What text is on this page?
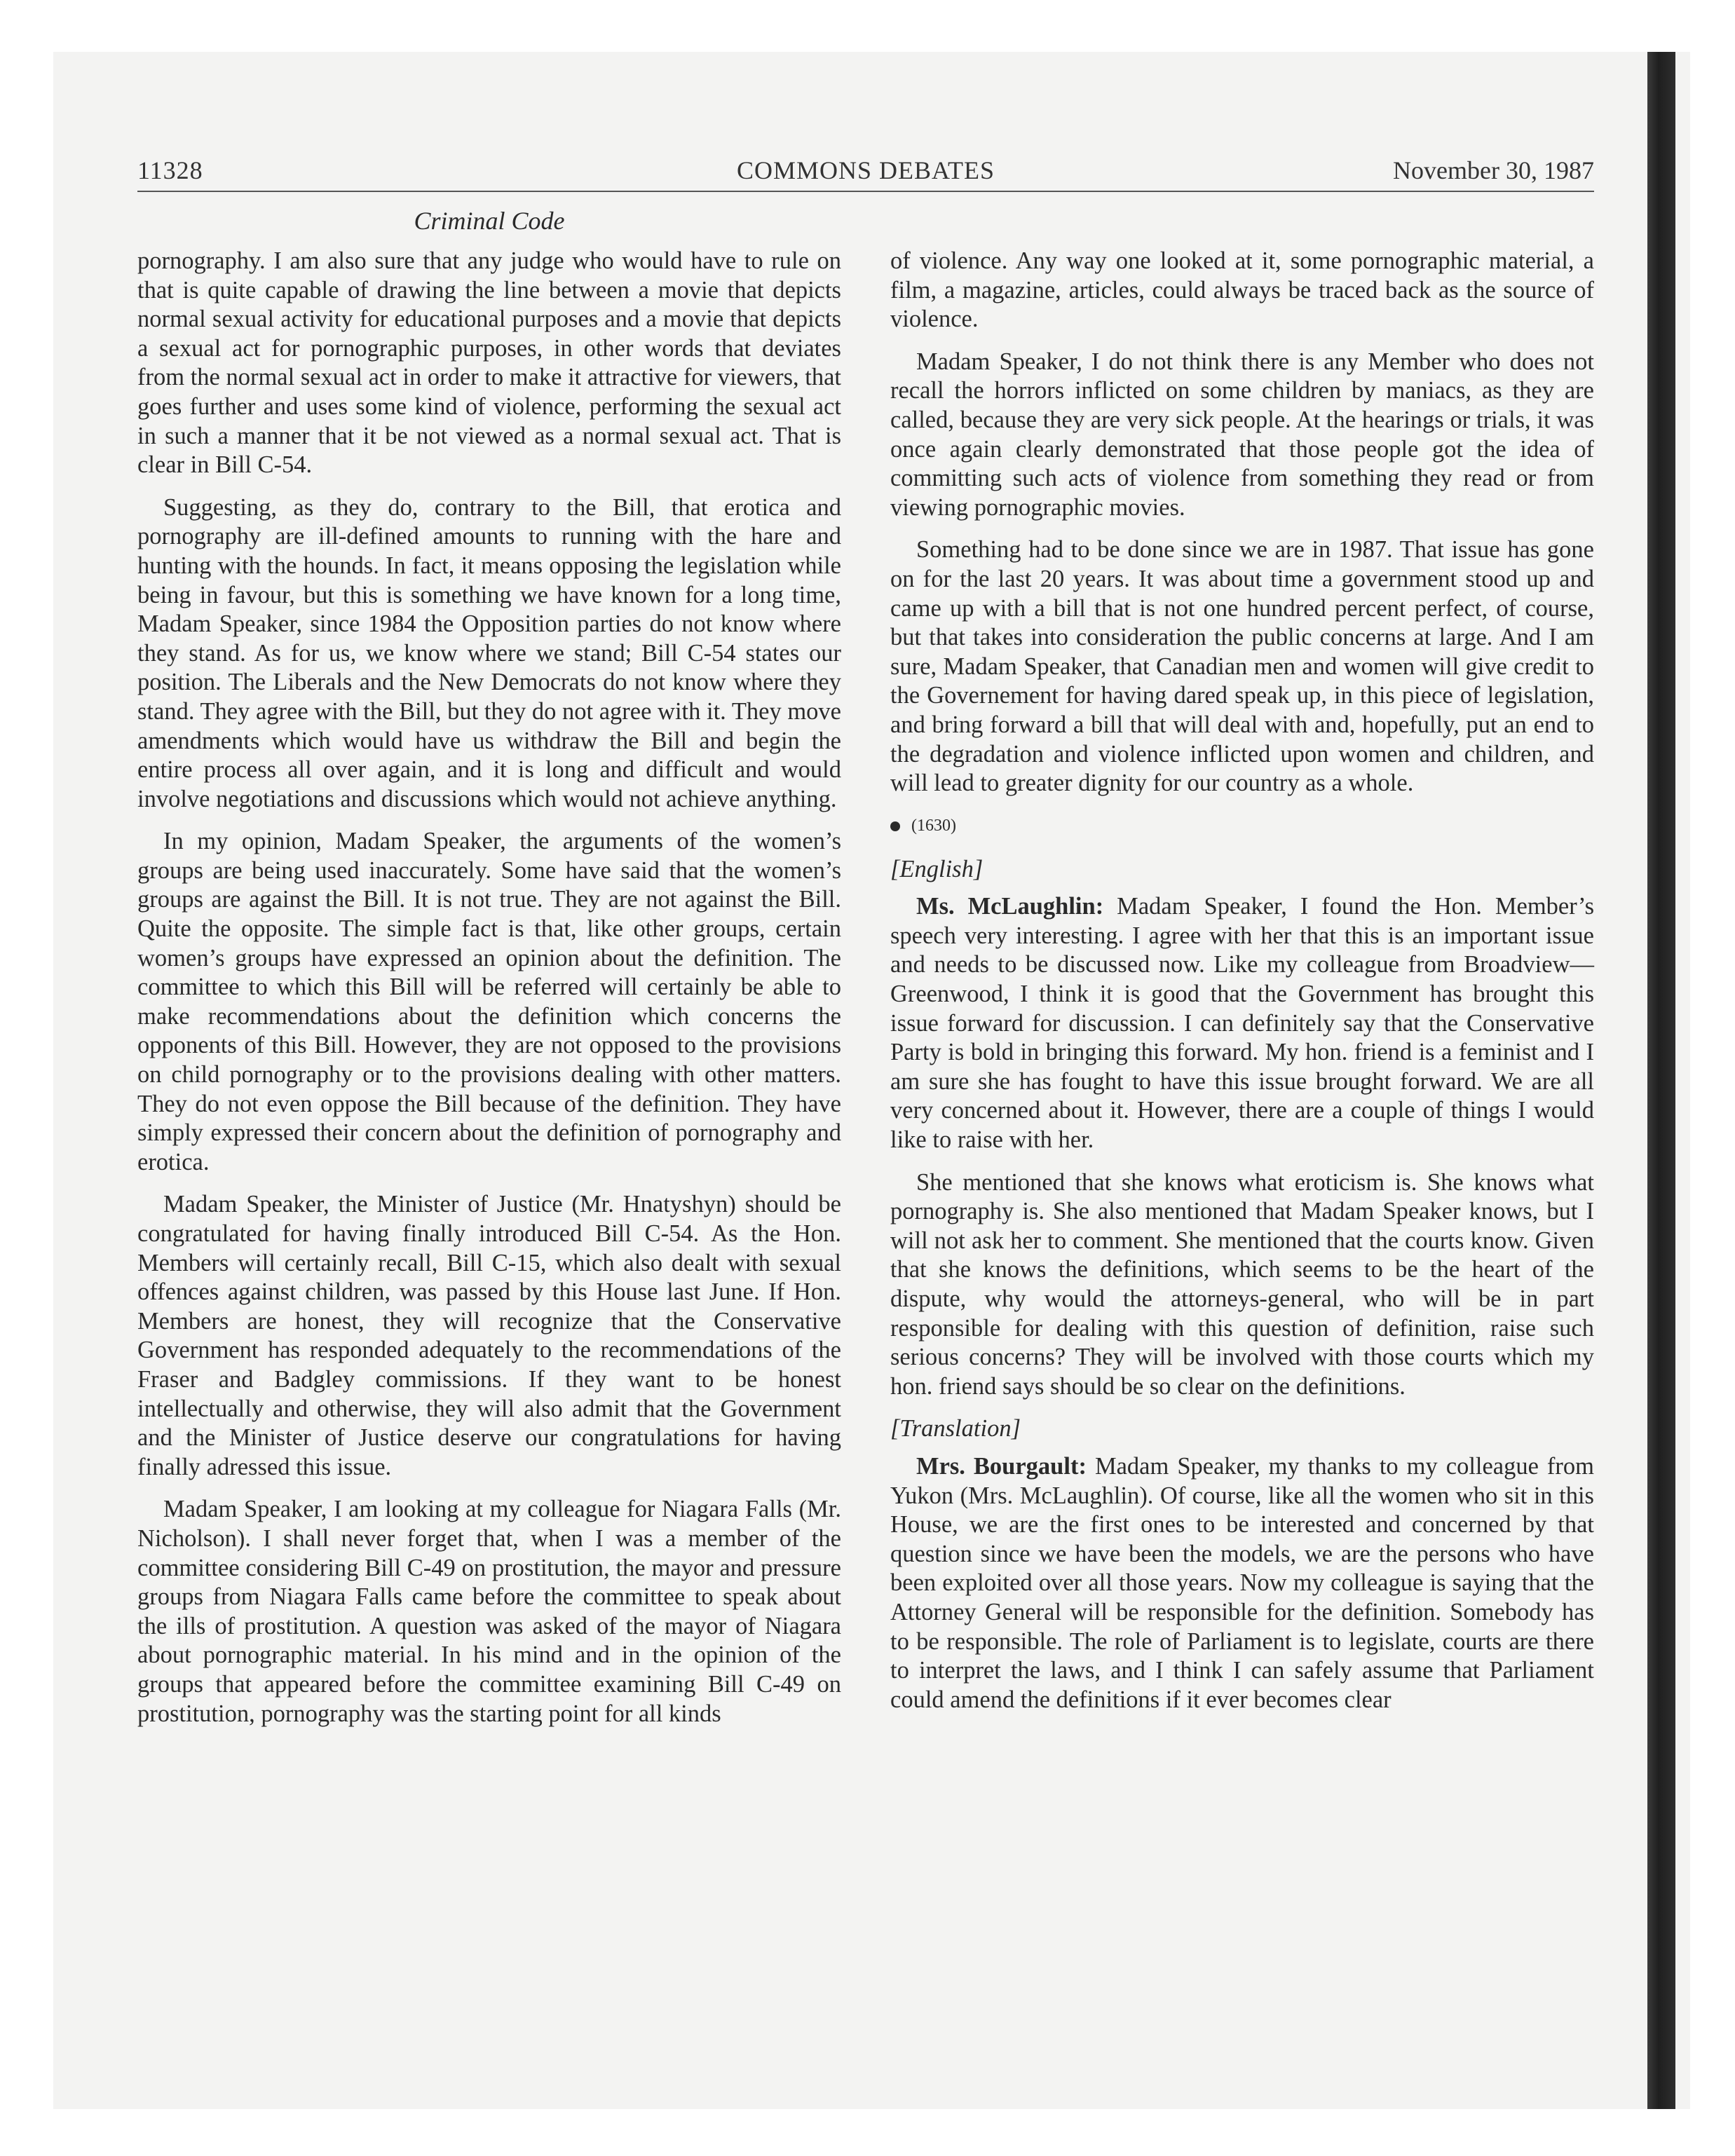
11328	COMMONS DEBATES	November 30, 1987
Criminal Code

pornography. I am also sure that any judge who would have to rule on that is quite capable of drawing the line between a movie that depicts normal sexual activity for educational purposes and a movie that depicts a sexual act for pornographic purposes, in other words that deviates from the normal sexual act in order to make it attractive for viewers, that goes further and uses some kind of violence, performing the sexual act in such a manner that it be not viewed as a normal sexual act. That is clear in Bill C-54.

Suggesting, as they do, contrary to the Bill, that erotica and pornography are ill-defined amounts to running with the hare and hunting with the hounds. In fact, it means opposing the legislation while being in favour, but this is something we have known for a long time, Madam Speaker, since 1984 the Opposition parties do not know where they stand. As for us, we know where we stand; Bill C-54 states our position. The Liberals and the New Democrats do not know where they stand. They agree with the Bill, but they do not agree with it. They move amendments which would have us withdraw the Bill and begin the entire process all over again, and it is long and difficult and would involve negotiations and discussions which would not achieve anything.

In my opinion, Madam Speaker, the arguments of the women’s groups are being used inaccurately. Some have said that the women’s groups are against the Bill. It is not true. They are not against the Bill. Quite the opposite. The simple fact is that, like other groups, certain women’s groups have expressed an opinion about the definition. The committee to which this Bill will be referred will certainly be able to make recommendations about the definition which concerns the opponents of this Bill. However, they are not opposed to the provisions on child pornography or to the provisions dealing with other matters. They do not even oppose the Bill because of the definition. They have simply expressed their concern about the definition of pornography and erotica.

Madam Speaker, the Minister of Justice (Mr. Hnatyshyn) should be congratulated for having finally introduced Bill C-54. As the Hon. Members will certainly recall, Bill C-15, which also dealt with sexual offences against children, was passed by this House last June. If Hon. Members are honest, they will recognize that the Conservative Government has responded adequately to the recommendations of the Fraser and Badgley commissions. If they want to be honest intellectually and otherwise, they will also admit that the Government and the Minister of Justice deserve our congratulations for having finally adressed this issue.

Madam Speaker, I am looking at my colleague for Niagara Falls (Mr. Nicholson). I shall never forget that, when I was a member of the committee considering Bill C-49 on prostitution, the mayor and pressure groups from Niagara Falls came before the committee to speak about the ills of prostitution. A question was asked of the mayor of Niagara about pornographic material. In his mind and in the opinion of the groups that appeared before the committee examining Bill C-49 on prostitution, pornography was the starting point for all kinds

of violence. Any way one looked at it, some pornographic material, a film, a magazine, articles, could always be traced back as the source of violence.

Madam Speaker, I do not think there is any Member who does not recall the horrors inflicted on some children by maniacs, as they are called, because they are very sick people. At the hearings or trials, it was once again clearly demonstrated that those people got the idea of committing such acts of violence from something they read or from viewing pornographic movies.

Something had to be done since we are in 1987. That issue has gone on for the last 20 years. It was about time a government stood up and came up with a bill that is not one hundred percent perfect, of course, but that takes into consideration the public concerns at large. And I am sure, Madam Speaker, that Canadian men and women will give credit to the Governement for having dared speak up, in this piece of legislation, and bring forward a bill that will deal with and, hopefully, put an end to the degradation and violence inflicted upon women and children, and will lead to greater dignity for our country as a whole.

(1630)
[English]

Ms. McLaughlin: Madam Speaker, I found the Hon. Member’s speech very interesting. I agree with her that this is an important issue and needs to be discussed now. Like my colleague from Broadview—Greenwood, I think it is good that the Government has brought this issue forward for discussion. I can definitely say that the Conservative Party is bold in bringing this forward. My hon. friend is a feminist and I am sure she has fought to have this issue brought forward. We are all very concerned about it. However, there are a couple of things I would like to raise with her.

She mentioned that she knows what eroticism is. She knows what pornography is. She also mentioned that Madam Speaker knows, but I will not ask her to comment. She mentioned that the courts know. Given that she knows the definitions, which seems to be the heart of the dispute, why would the attorneys-general, who will be in part responsible for dealing with this question of definition, raise such serious concerns? They will be involved with those courts which my hon. friend says should be so clear on the definitions.

[Translation]

Mrs. Bourgault: Madam Speaker, my thanks to my colleague from Yukon (Mrs. McLaughlin). Of course, like all the women who sit in this House, we are the first ones to be interested and concerned by that question since we have been the models, we are the persons who have been exploited over all those years. Now my colleague is saying that the Attorney General will be responsible for the definition. Somebody has to be responsible. The role of Parliament is to legislate, courts are there to interpret the laws, and I think I can safely assume that Parliament could amend the definitions if it ever becomes clear
